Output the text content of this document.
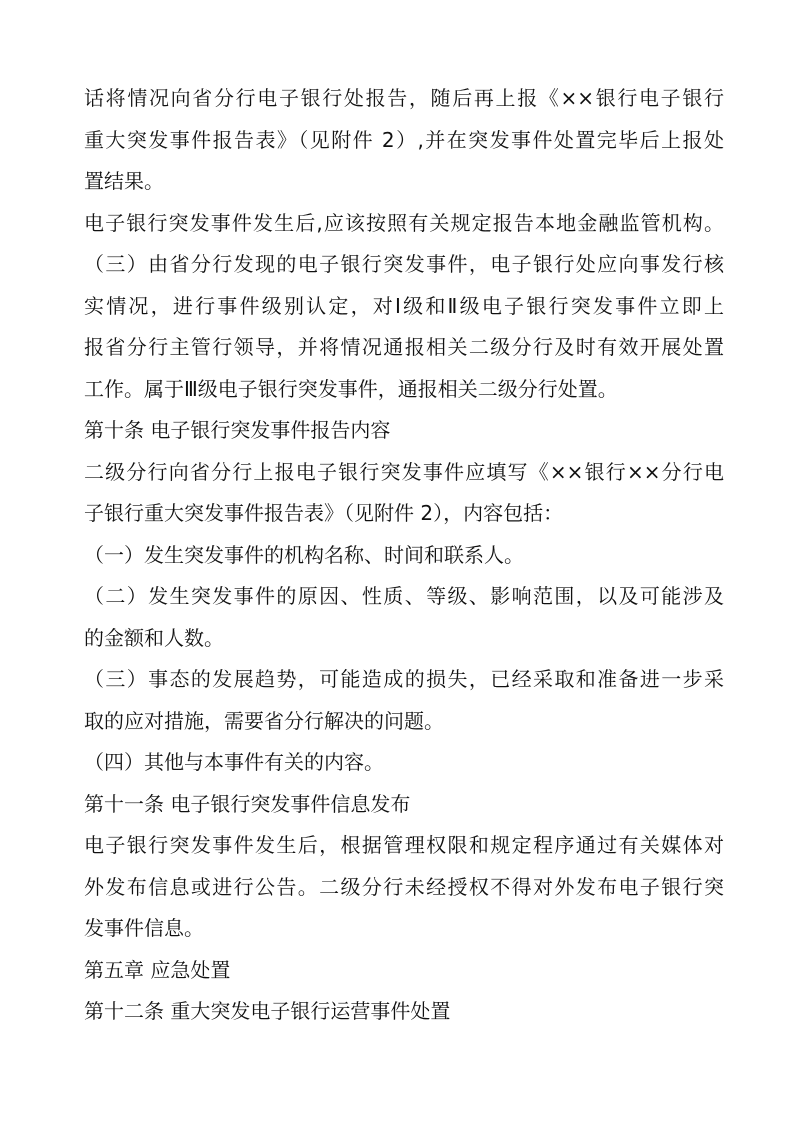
话将情况向省分行电子银行处报告，随后再上报《××银行电子银行
重大突发事件报告表》（见附件 2）,并在突发事件处置完毕后上报处
置结果。
电子银行突发事件发生后,应该按照有关规定报告本地金融监管机构。
（三）由省分行发现的电子银行突发事件，电子银行处应向事发行核
实情况，进行事件级别认定，对Ⅰ级和Ⅱ级电子银行突发事件立即上
报省分行主管行领导，并将情况通报相关二级分行及时有效开展处置
工作。属于Ⅲ级电子银行突发事件，通报相关二级分行处置。
第十条 电子银行突发事件报告内容
二级分行向省分行上报电子银行突发事件应填写《××银行××分行电
子银行重大突发事件报告表》（见附件 2），内容包括：
（一）发生突发事件的机构名称、时间和联系人。
（二）发生突发事件的原因、性质、等级、影响范围，以及可能涉及
的金额和人数。
（三）事态的发展趋势，可能造成的损失，已经采取和准备进一步采
取的应对措施，需要省分行解决的问题。
（四）其他与本事件有关的内容。
第十一条 电子银行突发事件信息发布
电子银行突发事件发生后，根据管理权限和规定程序通过有关媒体对
外发布信息或进行公告。二级分行未经授权不得对外发布电子银行突
发事件信息。
第五章 应急处置
第十二条 重大突发电子银行运营事件处置
